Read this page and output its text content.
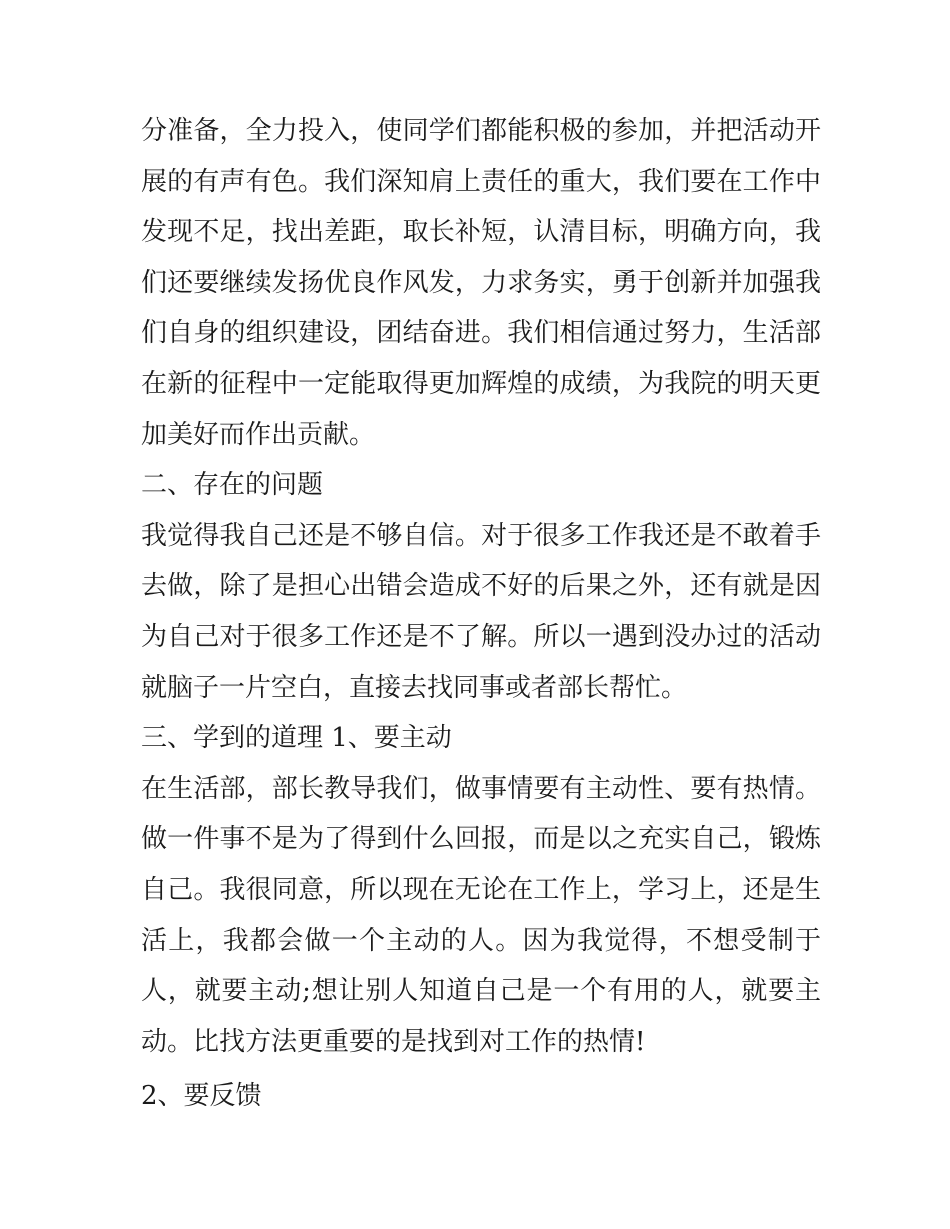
分准备，全力投入，使同学们都能积极的参加，并把活动开展的有声有色。我们深知肩上责任的重大，我们要在工作中发现不足，找出差距，取长补短，认清目标，明确方向，我们还要继续发扬优良作风发，力求务实，勇于创新并加强我们自身的组织建设，团结奋进。我们相信通过努力，生活部在新的征程中一定能取得更加辉煌的成绩，为我院的明天更加美好而作出贡献。

二、存在的问题

我觉得我自己还是不够自信。对于很多工作我还是不敢着手去做，除了是担心出错会造成不好的后果之外，还有就是因为自己对于很多工作还是不了解。所以一遇到没办过的活动就脑子一片空白，直接去找同事或者部长帮忙。

三、学到的道理 1、要主动

在生活部，部长教导我们，做事情要有主动性、要有热情。做一件事不是为了得到什么回报，而是以之充实自己，锻炼自己。我很同意，所以现在无论在工作上，学习上，还是生活上，我都会做一个主动的人。因为我觉得，不想受制于人，就要主动;想让别人知道自己是一个有用的人，就要主动。比找方法更重要的是找到对工作的热情!

2、要反馈
